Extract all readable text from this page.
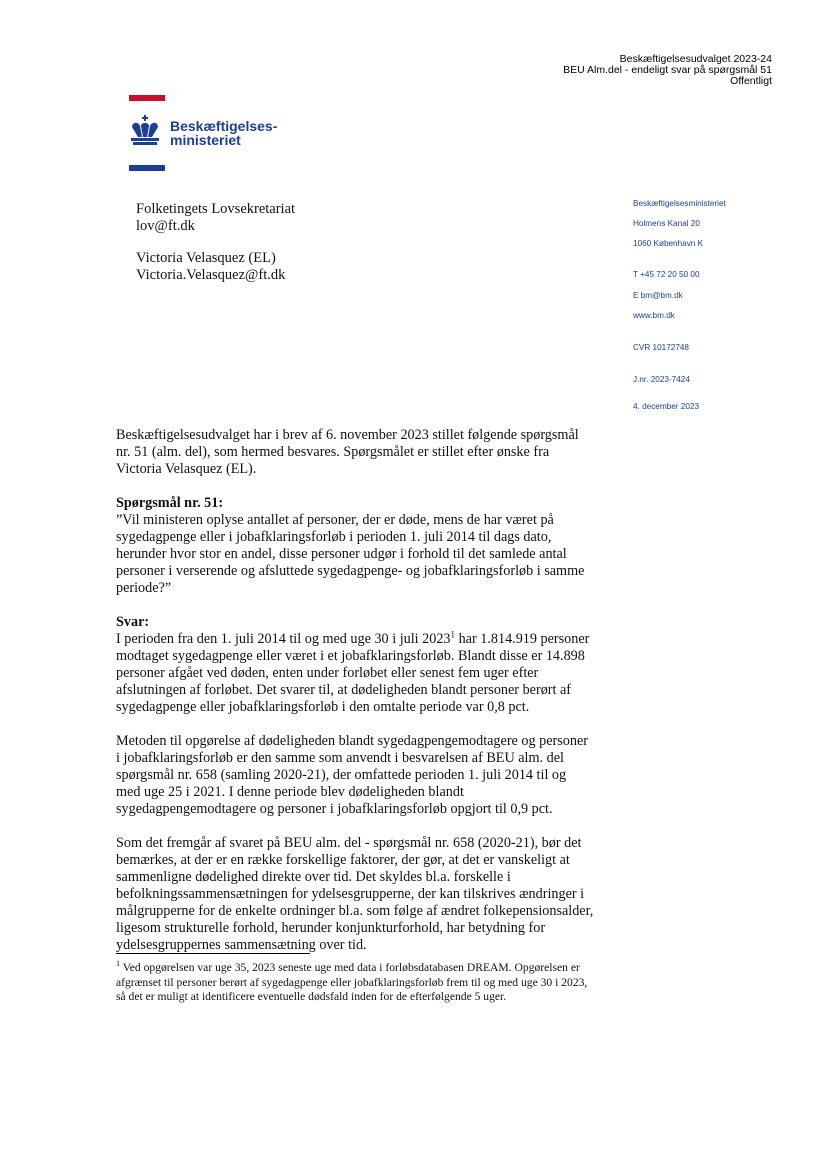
Beskæftigelsesudvalget 2023-24
BEU Alm.del - endeligt svar på spørgsmål 51
Offentligt
Beskæftigelses-
ministeriet
Folketingets Lovsekretariat
lov@ft.dk
Victoria Velasquez (EL)
Victoria.Velasquez@ft.dk
Beskæftigelsesministeriet
Holmens Kanal 20
1060 København K
T +45 72 20 50 00
E bm@bm.dk
www.bm.dk
CVR 10172748
J.nr. 2023-7424
4. december 2023

Beskæftigelsesudvalget har i brev af 6. november 2023 stillet følgende spørgsmål nr. 51 (alm. del), som hermed besvares. Spørgsmålet er stillet efter ønske fra Victoria Velasquez (EL).

Spørgsmål nr. 51:

”Vil ministeren oplyse antallet af personer, der er døde, mens de har været på sygedagpenge eller i jobafklaringsforløb i perioden 1. juli 2014 til dags dato, herunder hvor stor en andel, disse personer udgør i forhold til det samlede antal personer i verserende og afsluttede sygedagpenge- og jobafklaringsforløb i samme periode?”

Svar:

I perioden fra den 1. juli 2014 til og med uge 30 i juli 2023$^1$ har 1.814.919 personer modtaget sygedagpenge eller været i et jobafklaringsforløb. Blandt disse er 14.898 personer afgået ved døden, enten under forløbet eller senest fem uger efter afslutningen af forløbet. Det svarer til, at dødeligheden blandt personer berørt af sygedagpenge eller jobafklaringsforløb i den omtalte periode var 0,8 pct.

Metoden til opgørelse af dødeligheden blandt sygedagpengemodtagere og personer i jobafklaringsforløb er den samme som anvendt i besvarelsen af BEU alm. del spørgsmål nr. 658 (samling 2020-21), der omfattede perioden 1. juli 2014 til og med uge 25 i 2021. I denne periode blev dødeligheden blandt sygedagpengemodtagere og personer i jobafklaringsforløb opgjort til 0,9 pct.

Som det fremgår af svaret på BEU alm. del - spørgsmål nr. 658 (2020-21), bør det bemærkes, at der er en række forskellige faktorer, der gør, at det er vanskeligt at sammenligne dødelighed direkte over tid. Det skyldes bl.a. forskelle i befolkningssammensætningen for ydelsesgrupperne, der kan tilskrives ændringer i målgrupperne for de enkelte ordninger bl.a. som følge af ændret folkepensionsalder, ligesom strukturelle forhold, herunder konjunkturforhold, har betydning for ydelsesgruppernes sammensætning over tid.

$^1$ Ved opgørelsen var uge 35, 2023 seneste uge med data i forløbsdatabasen DREAM. Opgørelsen er afgrænset til personer berørt af sygedagpenge eller jobafklaringsforløb frem til og med uge 30 i 2023, så det er muligt at identificere eventuelle dødsfald inden for de efterfølgende 5 uger.
